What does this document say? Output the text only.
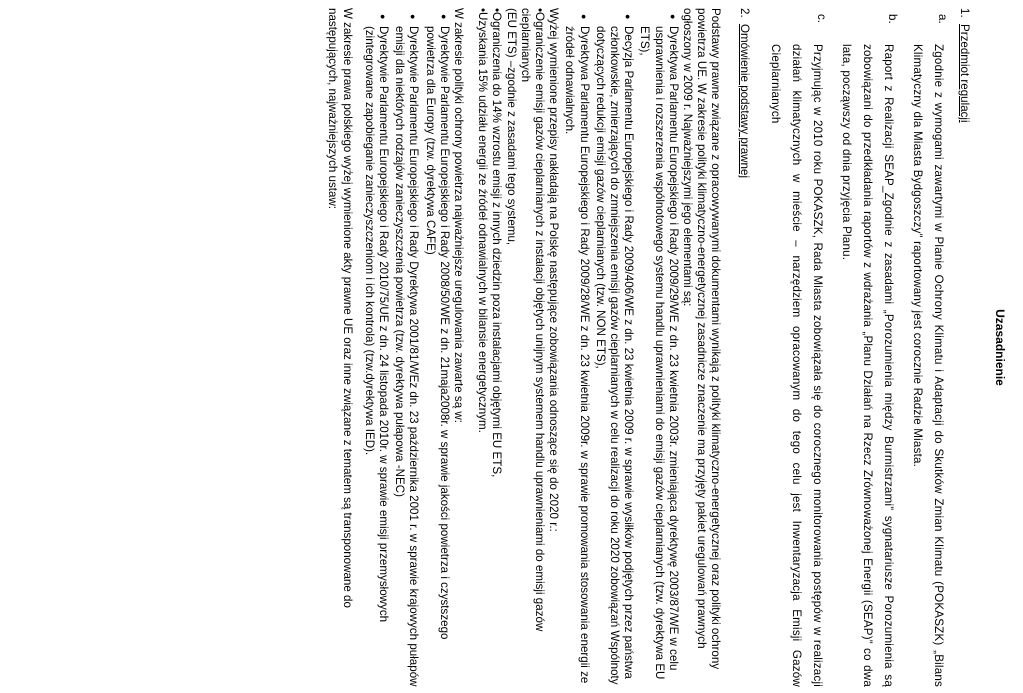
Uzasadnienie
1.
Przedmiot regulacji
a.
Zgodnie z wymogami zawartymi w Planie Ochrony Klimatu i Adaptacji do Skutków Zmian Klimatu (POKASZK) „Bilans Klimatyczny dla Miasta Bydgoszczy” raportowany jest corocznie Radzie Miasta.
b.
Raport z Realizacji SEAP_Zgodnie z zasadami „Porozumienia między Burmistrzami” sygnatariusze Porozumienia są zobowiązani do przedkładania raportów z wdrażania „Planu Działań na Rzecz Zrównoważonej Energii (SEAP)” co dwa lata, począwszy od dnia przyjęcia Planu.
c.
Przyjmując w 2010 roku POKASZK, Rada Miasta zobowiązała się do corocznego monitorowania postępów w realizacji działań klimatycznych w mieście – narzędziem opracowanym do tego celu jest Inwentaryzacja Emisji Gazów Cieplarnianych
2.
Omówienie podstawy prawnej

Podstawy prawne związane z opracowywanymi dokumentami wynikają z polityki klimatyczno-energetycznej oraz polityki ochrony powietrza UE. W zakresie polityki klimatyczno-energetycznej zasadnicze znaczenie ma przyjęty pakiet uregulowań prawnych ogłoszony w 2009 r. Najważniejszymi jego elementami są:

●
Dyrektywa Parlamentu Europejskiego i Rady 2009/29/WE z dn. 23 kwietnia 2003r. zmieniająca dyrektywę 2003/87/WE w celu usprawnienia i rozszerzenia wspólnotowego systemu handlu uprawnieniami do emisji gazów cieplarnianych (tzw. dyrektywa EU ETS),
●
Decyzja Parlamentu Europejskiego i Rady 2009/406/WE z dn. 23 kwietnia 2009 r. w sprawie wysiłków podjętych przez państwa członkowskie, zmierzających do zmniejszenia emisji gazów cieplarnianych w celu realizacji do roku 2020 zobowiązań Wspólnoty dotyczących redukcji emisji gazów cieplarnianych (tzw. NON ETS),
●
Dyrektywa Parlamentu Europejskiego i Rady 2009/28/WE z dn. 23 kwietnia 2009r. w sprawie promowania stosowania energii ze źródeł odnawialnych.

Wyżej wymienione przepisy nakładają na Polskę następujące zobowiązania odnoszące się do 2020 r.:

•Ograniczenie emisji gazów cieplarnianych z instalacji objętych unijnym systemem handlu uprawnieniami do emisji gazów cieplarnianych

(EU ETS) –zgodnie z zasadami tego systemu,

•Ograniczenia do 14% wzrostu emisji z innych dziedzin poza instalacjami objętymi EU ETS,

•Uzyskania 15% udziału energii ze źródeł odnawialnych w bilansie energetycznym.

W zakresie polityki ochrony powietrza najważniejsze uregulowania zawarte są w:

●
Dyrektywie Parlamentu Europejskiego i Rady 2008/50/WE z dn. 21maja2008r. w sprawie jakości powietrza i czystszego powietrza dla Europy (tzw. dyrektywa CAFE)
●
Dyrektywie Parlamentu Europejskiego i Rady Dyrektywa 2001/81/WEz dn. 23 października 2001 r. w sprawie krajowych pułapów emisji dla niektórych rodzajów zanieczyszczenia powietrza (tzw. dyrektywa pułapowa -NEC)
●
Dyrektywie Parlamentu Europejskiego i Rady 2010/75/UE z dn. 24 listopada 2010r. w sprawie emisji przemysłowych (zintegrowane zapobieganie zanieczyszczeniom i ich kontrola) (tzw.dyrektywa IED).

W zakresie prawa polskiego wyżej wymienione akty prawne UE oraz inne związane z tematem są transponowane do następujących, najważniejszych ustaw:
